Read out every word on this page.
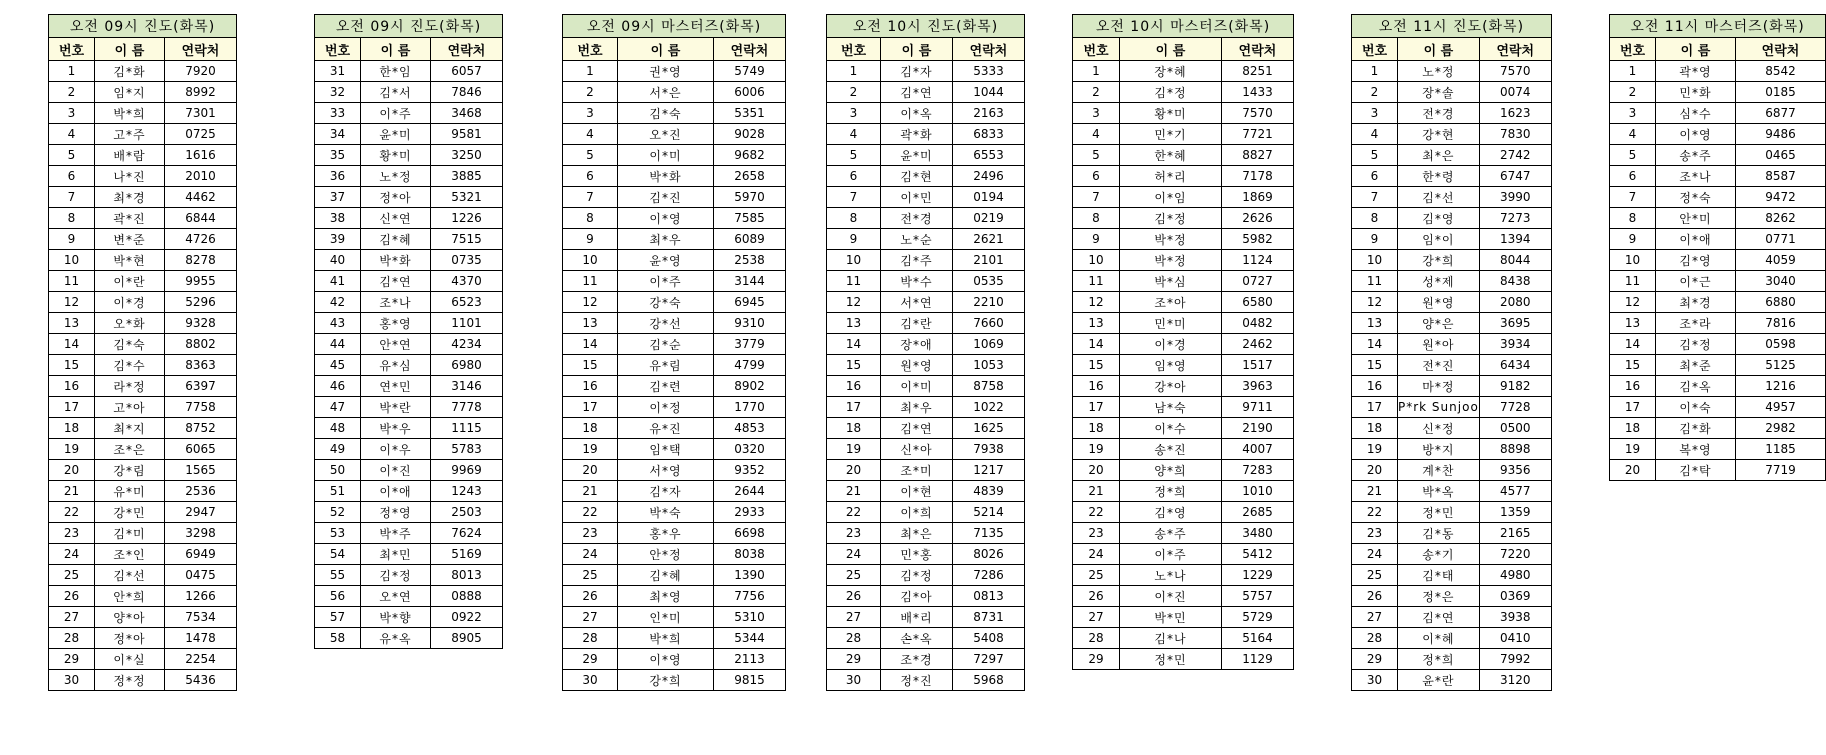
오전 09시 진도(화목)		
번호	이 름	연락처
1	김*화	7920
2	임*지	8992
3	박*희	7301
4	고*주	0725
5	배*람	1616
6	나*진	2010
7	최*경	4462
8	곽*진	6844
9	변*준	4726
10	박*현	8278
11	이*란	9955
12	이*경	5296
13	오*화	9328
14	김*숙	8802
15	김*수	8363
16	라*정	6397
17	고*아	7758
18	최*지	8752
19	조*은	6065
20	강*림	1565
21	유*미	2536
22	강*민	2947
23	김*미	3298
24	조*인	6949
25	김*선	0475
26	안*희	1266
27	양*아	7534
28	정*아	1478
29	이*실	2254
30	정*정	5436
오전 09시 진도(화목)		
번호	이 름	연락처
31	한*임	6057
32	김*서	7846
33	이*주	3468
34	윤*미	9581
35	황*미	3250
36	노*정	3885
37	정*아	5321
38	신*연	1226
39	김*혜	7515
40	박*화	0735
41	김*연	4370
42	조*나	6523
43	홍*영	1101
44	안*연	4234
45	유*심	6980
46	연*민	3146
47	박*란	7778
48	박*우	1115
49	이*우	5783
50	이*진	9969
51	이*애	1243
52	정*영	2503
53	박*주	7624
54	최*민	5169
55	김*정	8013
56	오*연	0888
57	박*향	0922
58	유*옥	8905
오전 09시 마스터즈(화목)		
번호	이 름	연락처
1	권*영	5749
2	서*은	6006
3	김*숙	5351
4	오*진	9028
5	이*미	9682
6	박*화	2658
7	김*진	5970
8	이*영	7585
9	최*우	6089
10	윤*영	2538
11	이*주	3144
12	강*숙	6945
13	강*선	9310
14	김*순	3779
15	유*림	4799
16	김*련	8902
17	이*정	1770
18	유*진	4853
19	임*택	0320
20	서*영	9352
21	김*자	2644
22	박*숙	2933
23	홍*우	6698
24	안*정	8038
25	김*혜	1390
26	최*영	7756
27	인*미	5310
28	박*희	5344
29	이*영	2113
30	강*희	9815
오전 10시 진도(화목)		
번호	이 름	연락처
1	김*자	5333
2	김*연	1044
3	이*옥	2163
4	곽*화	6833
5	윤*미	6553
6	김*현	2496
7	이*민	0194
8	전*경	0219
9	노*순	2621
10	김*주	2101
11	박*수	0535
12	서*연	2210
13	김*란	7660
14	장*애	1069
15	원*영	1053
16	이*미	8758
17	최*우	1022
18	김*연	1625
19	신*아	7938
20	조*미	1217
21	이*현	4839
22	이*희	5214
23	최*은	7135
24	민*홍	8026
25	김*정	7286
26	김*아	0813
27	배*리	8731
28	손*옥	5408
29	조*경	7297
30	정*진	5968
오전 10시 마스터즈(화목)		
번호	이 름	연락처
1	장*혜	8251
2	김*정	1433
3	황*미	7570
4	민*기	7721
5	한*혜	8827
6	허*리	7178
7	이*임	1869
8	김*정	2626
9	박*정	5982
10	박*정	1124
11	박*심	0727
12	조*아	6580
13	민*미	0482
14	이*경	2462
15	임*영	1517
16	강*아	3963
17	남*숙	9711
18	이*수	2190
19	송*진	4007
20	양*희	7283
21	정*희	1010
22	김*영	2685
23	송*주	3480
24	이*주	5412
25	노*나	1229
26	이*진	5757
27	박*민	5729
28	김*나	5164
29	정*민	1129
오전 11시 진도(화목)		
번호	이 름	연락처
1	노*정	7570
2	장*솔	0074
3	전*경	1623
4	강*현	7830
5	최*은	2742
6	한*령	6747
7	김*선	3990
8	김*영	7273
9	임*이	1394
10	강*희	8044
11	성*제	8438
12	원*영	2080
13	양*은	3695
14	원*아	3934
15	전*진	6434
16	마*정	9182
17	P*rk Sunjoo	7728
18	신*정	0500
19	방*지	8898
20	계*찬	9356
21	박*옥	4577
22	정*민	1359
23	김*동	2165
24	송*기	7220
25	김*태	4980
26	정*은	0369
27	김*연	3938
28	이*혜	0410
29	정*희	7992
30	윤*란	3120
오전 11시 마스터즈(화목)		
번호	이 름	연락처
1	곽*영	8542
2	민*화	0185
3	심*수	6877
4	이*영	9486
5	송*주	0465
6	조*나	8587
7	정*숙	9472
8	안*미	8262
9	이*애	0771
10	김*영	4059
11	이*근	3040
12	최*경	6880
13	조*라	7816
14	김*정	0598
15	최*준	5125
16	김*옥	1216
17	이*숙	4957
18	김*화	2982
19	복*영	1185
20	김*탁	7719
